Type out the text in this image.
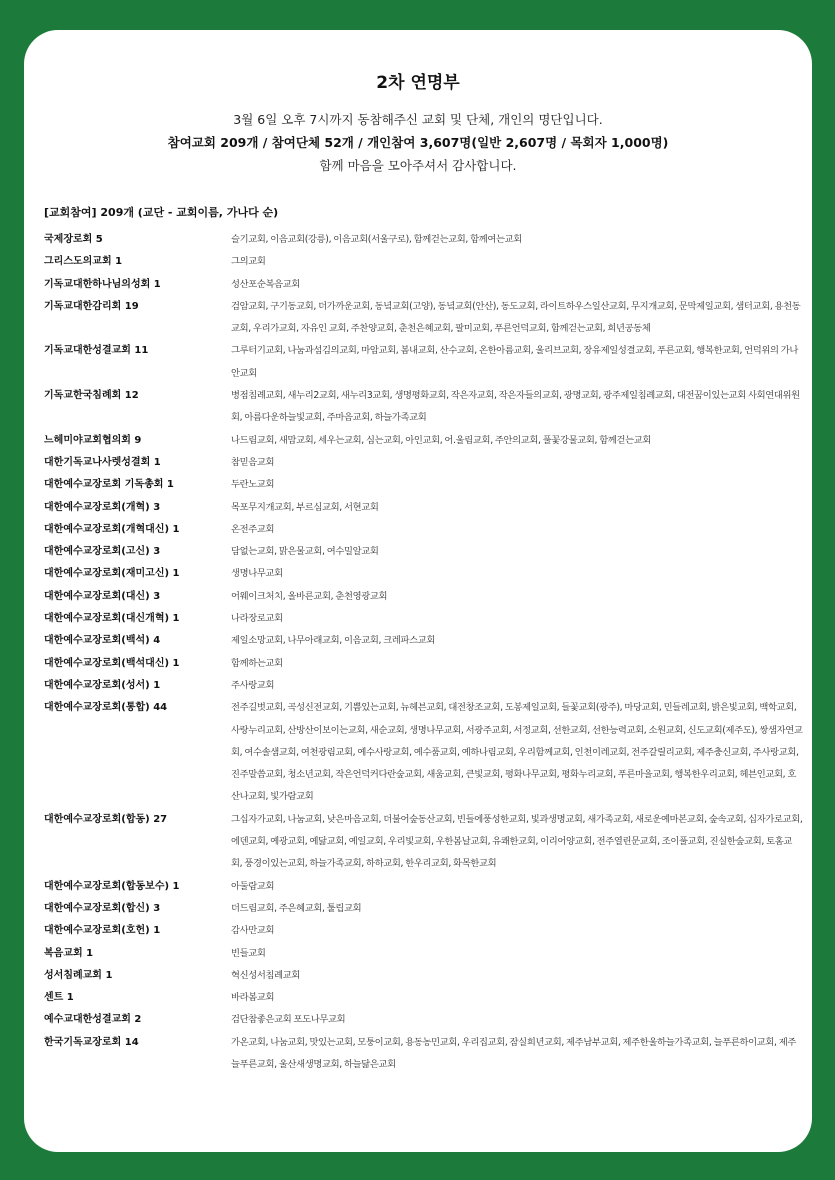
2차 연명부
3월 6일 오후 7시까지 동참해주신 교회 및 단체, 개인의 명단입니다.
참여교회 209개 / 참여단체 52개 / 개인참여 3,607명(일반 2,607명 / 목회자 1,000명)
함께 마음을 모아주셔서 감사합니다.
[교회참여] 209개 (교단 - 교회이름, 가나다 순)
국제장로회 5	슬기교회, 이음교회(강릉), 이음교회(서울구로), 함께걷는교회, 함께여는교회
그리스도의교회 1	그의교회
기독교대한하나님의성회 1	성산포순복음교회
기독교대한감리회 19	검암교회, 구기동교회, 더가까운교회, 동녘교회(고양), 동녘교회(안산), 동도교회, 라이트하우스일산교회, 무지개교회, 문막제일교회, 샘터교회, 용천동교회, 우리가교회, 자유인 교회, 주찬양교회, 춘천은혜교회, 팔미교회, 푸른언덕교회, 함께걷는교회, 희년공동체
기독교대한성결교회 11	그루터기교회, 나눔과섬김의교회, 마암교회, 봄내교회, 산수교회, 온한아름교회, 울리브교회, 장유제일성결교회, 푸른교회, 행복한교회, 언덕위의 가나안교회
기독교한국침례회 12	병점침례교회, 새누리2교회, 새누리3교회, 생명평화교회, 작은자교회, 작은자들의교회, 광명교회, 광주제일침례교회, 대전꿈이있는교회 사회연대위원회, 아름다운하늘빛교회, 주마음교회, 하늘가족교회
느헤미야교회협의회 9	나드림교회, 새맘교회, 세우는교회, 심는교회, 아인교회, 어.울림교회, 주안의교회, 풀꽃강물교회, 함께걷는교회
대한기독교나사렛성결회 1	참믿음교회
대한예수교장로회 기독총회 1	두란노교회
대한예수교장로회(개혁) 3	목포무지개교회, 부르심교회, 서현교회
대한예수교장로회(개혁대신) 1	온전주교회
대한예수교장로회(고신) 3	담없는교회, 맑은물교회, 여수밀알교회
대한예수교장로회(재미고신) 1	생명나무교회
대한예수교장로회(대신) 3	어웨이크처치, 올바른교회, 춘천영광교회
대한예수교장로회(대신개혁) 1	나라장로교회
대한예수교장로회(백석) 4	제일소망교회, 나무아래교회, 이음교회, 크레파스교회
대한예수교장로회(백석대신) 1	함께하는교회
대한예수교장로회(성서) 1	주사랑교회
대한예수교장로회(통합) 44	전주길벗교회, 곡성신전교회, 기쁨있는교회, 뉴헤븐교회, 대전창조교회, 도봉제일교회, 들꽃교회(광주), 마당교회, 민들레교회, 밝은빛교회, 백학교회, 사랑누리교회, 산방산이보이는교회, 새순교회, 생명나무교회, 서광주교회, 서정교회, 선한교회, 선한능력교회, 소원교회, 신도교회(제주도), 쌍샘자연교회, 여수솔샘교회, 여천광림교회, 예수사랑교회, 예수품교회, 예하나림교회, 우리함께교회, 인천이레교회, 전주갈릴리교회, 제주충신교회, 주사랑교회, 진주말씀교회, 청소년교회, 작은언덕커다란숲교회, 새움교회, 큰빛교회, 평화나무교회, 평화누리교회, 푸른마을교회, 행복한우리교회, 헤븐인교회, 호산나교회, 빛가람교회
대한예수교장로회(합동) 27	그십자가교회, 나눔교회, 낮은마음교회, 더불어숲동산교회, 빈들에풍성한교회, 빛과생명교회, 새가족교회, 새로운예마본교회, 숲속교회, 십자가로교회, 에덴교회, 예광교회, 예닮교회, 예일교회, 우리빛교회, 우한봄날교회, 유쾌한교회, 이리어양교회, 전주열린문교회, 조이풀교회, 진실한숲교회, 토홈교회, 풍경이있는교회, 하늘가족교회, 하하교회, 한우리교회, 화목한교회
대한예수교장로회(합동보수) 1	아둘람교회
대한예수교장로회(합신) 3	더드림교회, 주은혜교회, 툴립교회
대한예수교장로회(호헌) 1	감사만교회
복음교회 1	빈들교회
성서침례교회 1	혁신성서침례교회
센트 1	바라봄교회
예수교대한성결교회 2	검단참좋은교회 포도나무교회
한국기독교장로회 14	가온교회, 나눔교회, 맛있는교회, 모퉁이교회, 용동농민교회, 우리집교회, 잠실희년교회, 제주남부교회, 제주한울하늘가족교회, 늘푸른하이교회, 제주 늘푸른교회, 울산새생명교회, 하늘닮은교회
